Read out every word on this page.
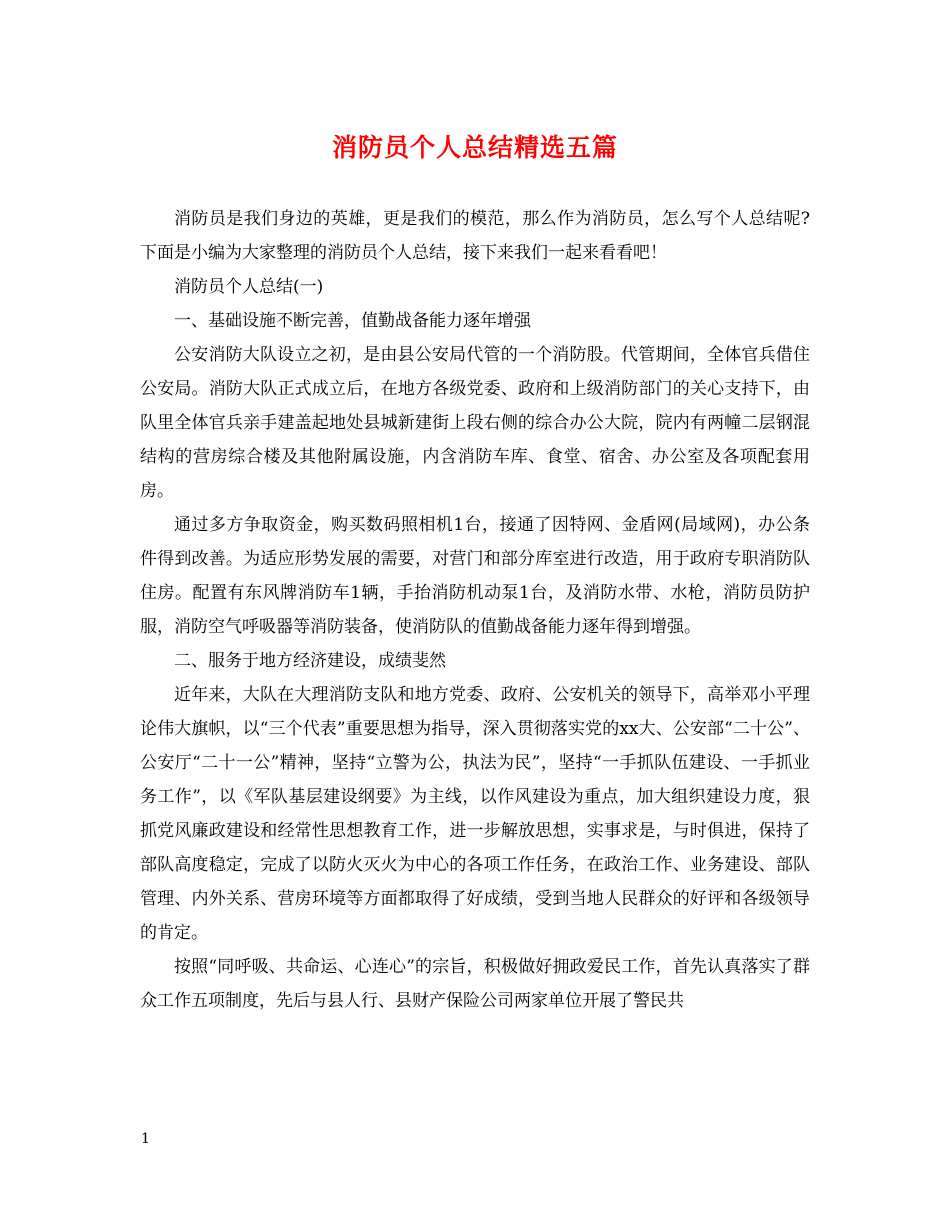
消防员个人总结精选五篇

消防员是我们身边的英雄，更是我们的模范，那么作为消防员，怎么写个人总结呢?下面是小编为大家整理的消防员个人总结，接下来我们一起来看看吧！

消防员个人总结(一)

一、基础设施不断完善，值勤战备能力逐年增强

公安消防大队设立之初，是由县公安局代管的一个消防股。代管期间，全体官兵借住公安局。消防大队正式成立后，在地方各级党委、政府和上级消防部门的关心支持下，由队里全体官兵亲手建盖起地处县城新建街上段右侧的综合办公大院，院内有两幢二层钢混结构的营房综合楼及其他附属设施，内含消防车库、食堂、宿舍、办公室及各项配套用房。

通过多方争取资金，购买数码照相机1台，接通了因特网、金盾网(局域网)，办公条件得到改善。为适应形势发展的需要，对营门和部分库室进行改造，用于政府专职消防队住房。配置有东风牌消防车1辆，手抬消防机动泵1台，及消防水带、水枪，消防员防护服，消防空气呼吸器等消防装备，使消防队的值勤战备能力逐年得到增强。

二、服务于地方经济建设，成绩斐然

近年来，大队在大理消防支队和地方党委、政府、公安机关的领导下，高举邓小平理论伟大旗帜，以“三个代表”重要思想为指导，深入贯彻落实党的xx大、公安部“二十公”、公安厅“二十一公”精神，坚持“立警为公，执法为民”，坚持“一手抓队伍建设、一手抓业务工作”，以《军队基层建设纲要》为主线，以作风建设为重点，加大组织建设力度，狠抓党风廉政建设和经常性思想教育工作，进一步解放思想，实事求是，与时俱进，保持了部队高度稳定，完成了以防火灭火为中心的各项工作任务，在政治工作、业务建设、部队管理、内外关系、营房环境等方面都取得了好成绩，受到当地人民群众的好评和各级领导的肯定。

按照“同呼吸、共命运、心连心”的宗旨，积极做好拥政爱民工作，首先认真落实了群众工作五项制度，先后与县人行、县财产保险公司两家单位开展了警民共

1
